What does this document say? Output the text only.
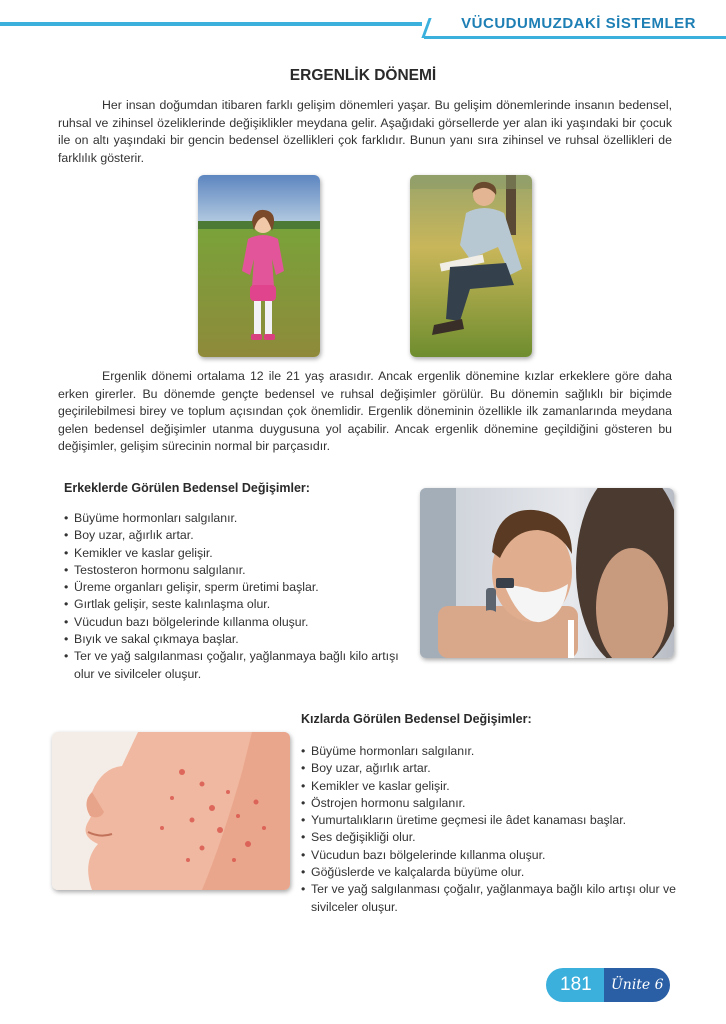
VÜCUDUMUZDAKİ SİSTEMLER
ERGENLİK DÖNEMİ

Her insan doğumdan itibaren farklı gelişim dönemleri yaşar. Bu gelişim dönemlerinde insanın bedensel, ruhsal ve zihinsel özeliklerinde değişiklikler meydana gelir. Aşağıdaki görsellerde yer alan iki yaşındaki bir çocuk ile on altı yaşındaki bir gencin bedensel özellikleri çok farklıdır. Bunun yanı sıra zihinsel ve ruhsal özellikleri de farklılık gösterir.

Ergenlik dönemi ortalama 12 ile 21 yaş arasıdır. Ancak ergenlik dönemine kızlar erkeklere göre daha erken girerler. Bu dönemde gençte bedensel ve ruhsal değişimler görülür. Bu dönemin sağlıklı bir biçimde geçirilebilmesi birey ve toplum açısından çok önemlidir. Ergenlik döneminin özellikle ilk zamanlarında meydana gelen bedensel değişimler utanma duygusuna yol açabilir. Ancak ergenlik dönemine geçildiğini gösteren bu değişimler, gelişim sürecinin normal bir parçasıdır.

Erkeklerde Görülen Bedensel Değişimler:
• Büyüme hormonları salgılanır.
• Boy uzar, ağırlık artar.
• Kemikler ve kaslar gelişir.
• Testosteron hormonu salgılanır.
• Üreme organları gelişir, sperm üretimi başlar.
• Gırtlak gelişir, seste kalınlaşma olur.
• Vücudun bazı bölgelerinde kıllanma oluşur.
• Bıyık ve sakal çıkmaya başlar.
• Ter ve yağ salgılanması çoğalır, yağlanmaya bağlı kilo artışı olur ve sivilceler oluşur.
Kızlarda Görülen Bedensel Değişimler:
• Büyüme hormonları salgılanır.
• Boy uzar, ağırlık artar.
• Kemikler ve kaslar gelişir.
• Östrojen hormonu salgılanır.
• Yumurtalıkların üretime geçmesi ile âdet kanaması başlar.
• Ses değişikliği olur.
• Vücudun bazı bölgelerinde kıllanma oluşur.
• Göğüslerde ve kalçalarda büyüme olur.
• Ter ve yağ salgılanması çoğalır, yağlanmaya bağlı kilo artışı olur ve sivilceler oluşur.
181 Ünite 6
